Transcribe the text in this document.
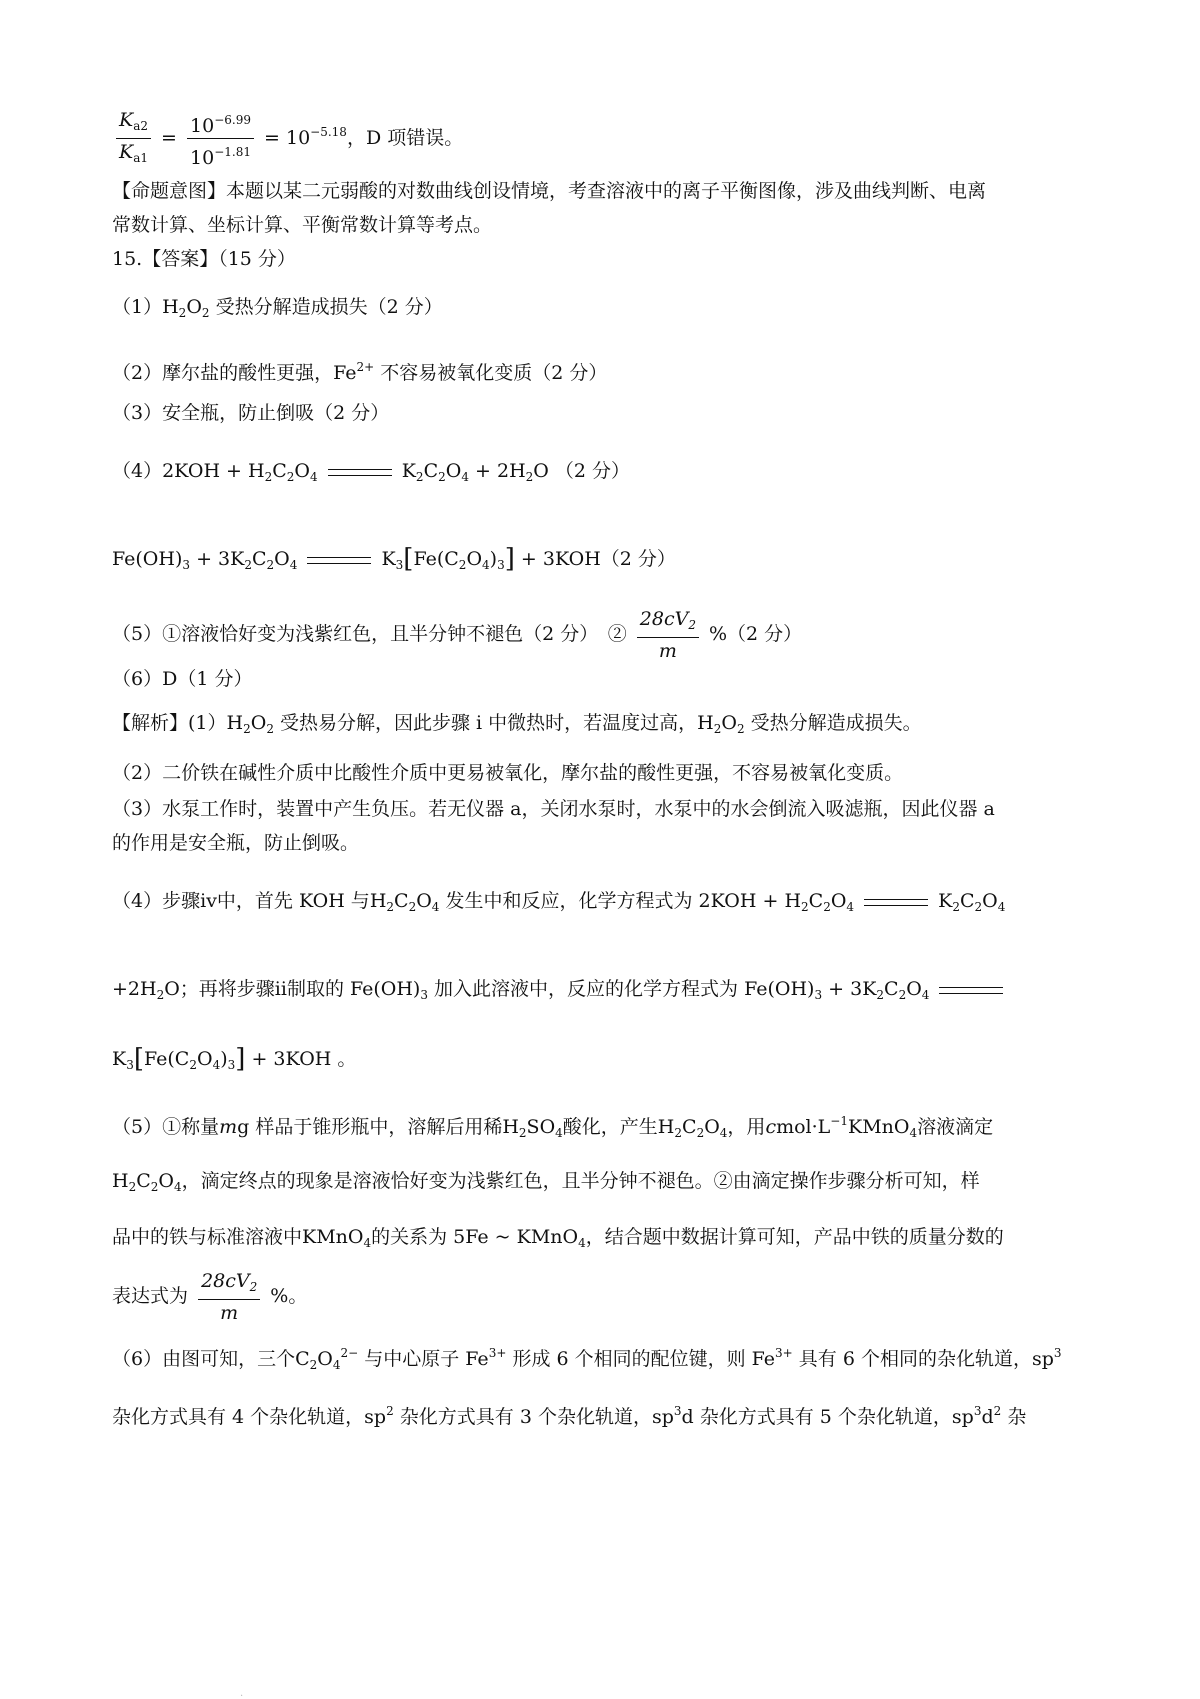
$\frac{K_{a2}}{K_{a1}} = \frac{10^{-6.99}}{10^{-1.81}} = 10^{-5.18}$，D 项错误。
【命题意图】本题以某二元弱酸的对数曲线创设情境，考查溶液中的离子平衡图像，涉及曲线判断、电离
常数计算、坐标计算、平衡常数计算等考点。
15.【答案】（15 分）
$(1)H_2O_2$ 受热分解造成损失（2 分）
（2）摩尔盐的酸性更强，$Fe^{2+}$ 不容易被氧化变质（2 分）
（3）安全瓶，防止倒吸（2 分）
$(4)2KOH + H_2C_2O_4$	$K_2C_2O_4 + 2H_2O$ （2 分）
$Fe(OH)_3 + 3K_2C_2O_4$	$K_3[Fe(C_2O_4)_3] + 3KOH(2$ 分）
（5）①溶液恰好变为浅紫红色，且半分钟不褪色（2 分）　② $\frac{28cV_2}{m} \%(2$ 分）
（6）D（1 分）
【解析】$(1)H_2O_2$ 受热易分解，因此步骤 i 中微热时，若温度过高，$H_2O_2$ 受热分解造成损失。
（2）二价铁在碱性介质中比酸性介质中更易被氧化，摩尔盐的酸性更强，不容易被氧化变质。
（3）水泵工作时，装置中产生负压。若无仪器 a，关闭水泵时，水泵中的水会倒流入吸滤瓶，因此仪器 a
的作用是安全瓶，防止倒吸。
（4）步骤ⅳ中，首先 KOH 与$H_2C_2O_4$ 发生中和反应，化学方程式为 $2KOH + H_2C_2O_4$	$K_2C_2O_4$
$+2H_2O$；再将步骤ⅱ制取的 $Fe(OH)_3$ 加入此溶液中，反应的化学方程式为 $Fe(OH)_3 + 3K_2C_2O_4$
$K_3[Fe(C_2O_4)_3] + 3KOH$ 。
（5）①称量mg 样品于锥形瓶中，溶解后用稀$H_2SO_4$酸化，产生$H_2C_2O_4$，用$cmol\cdot L^{-1}KMnO_4$溶液滴定
$H_2C_2O_4$，滴定终点的现象是溶液恰好变为浅紫红色，且半分钟不褪色。②由滴定操作步骤分析可知，样
品中的铁与标准溶液中KMnO$_4$的关系为 5Fe ~ KMnO$_4$，结合题中数据计算可知，产品中铁的质量分数的
表达式为 $\frac{28cV_2}{m}$ %。
（6）由图可知，三个$C_2O_4^{2-}$ 与中心原子 $Fe^{3+}$ 形成 6 个相同的配位键，则 $Fe^{3+}$ 具有 6 个相同的杂化轨道，$sp^3$
杂化方式具有 4 个杂化轨道，$sp^2$ 杂化方式具有 3 个杂化轨道，$sp^3d$ 杂化方式具有 5 个杂化轨道，$sp^3d^2$ 杂
.
